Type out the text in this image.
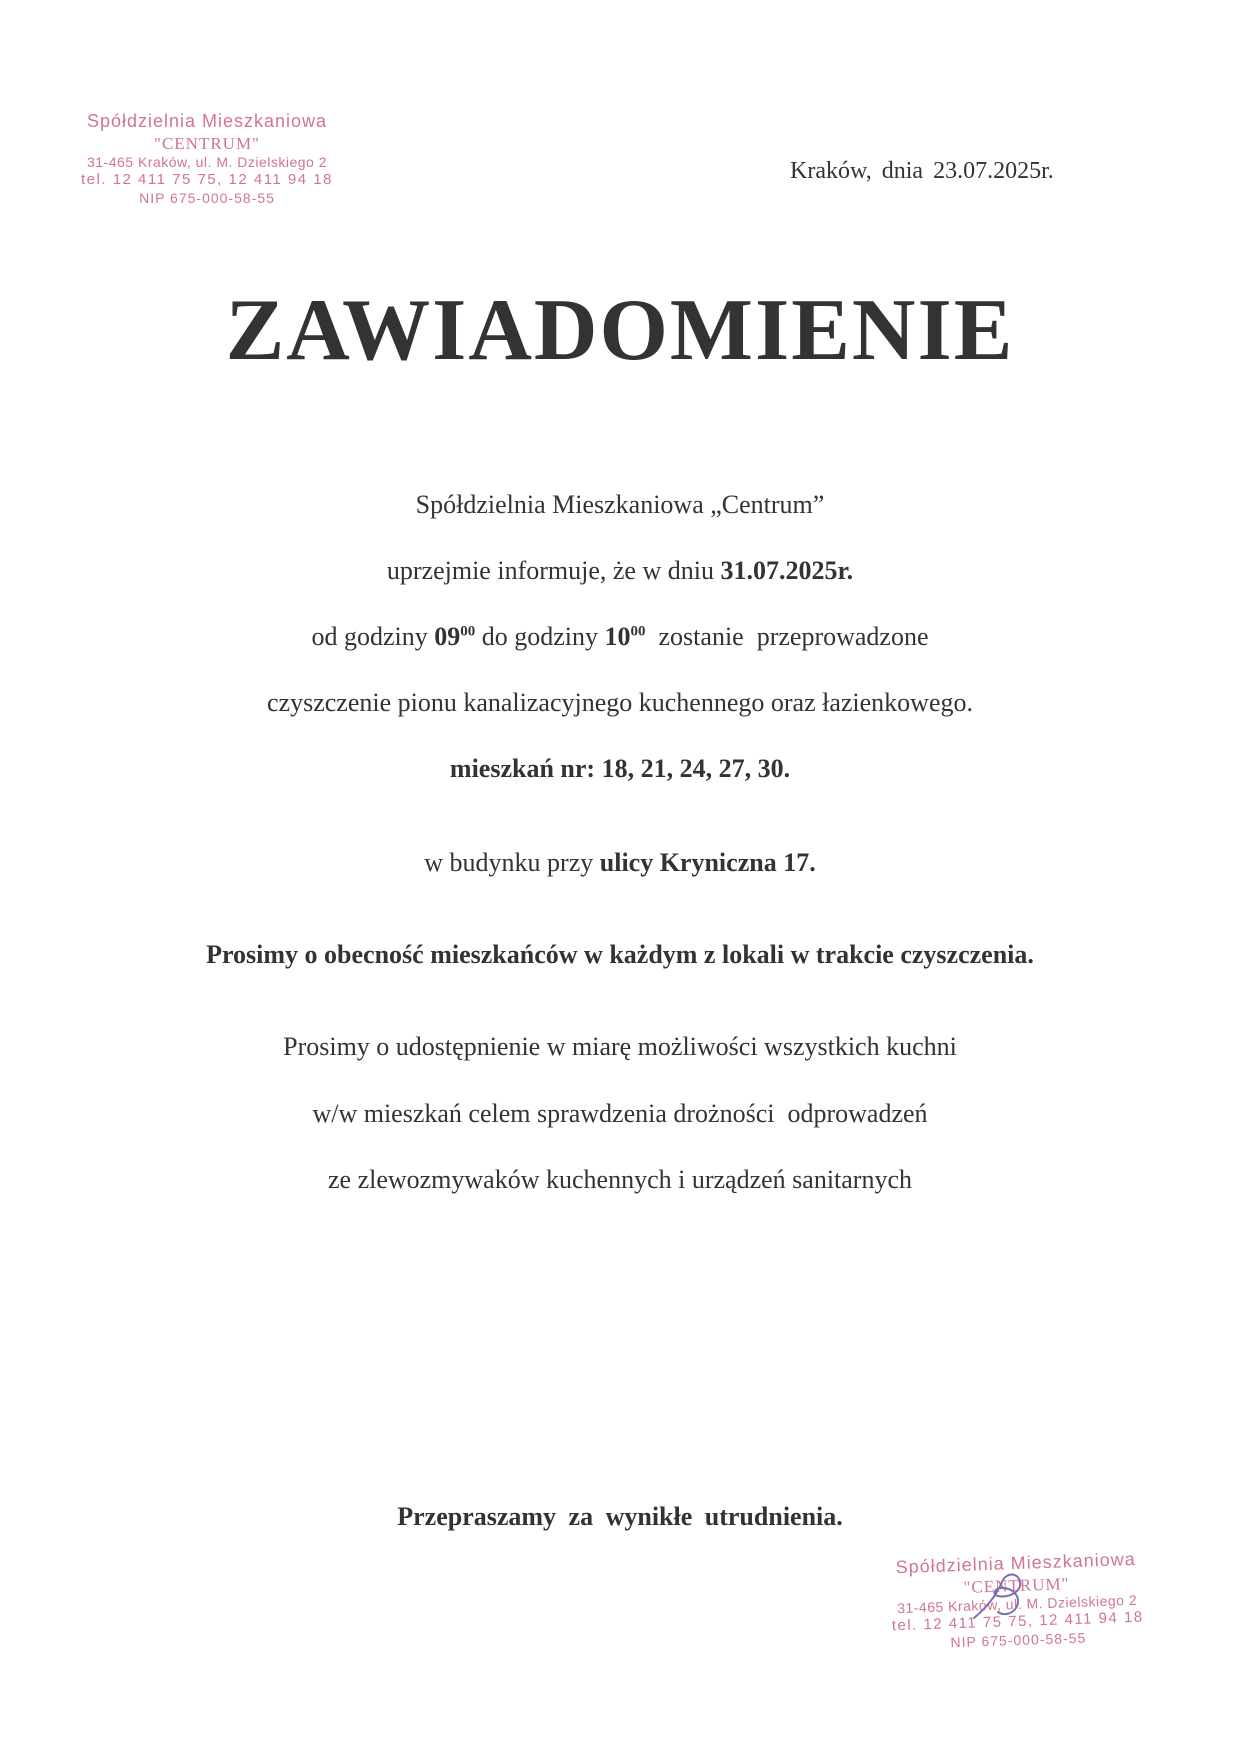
Spółdzielnia Mieszkaniowa
"CENTRUM"
31-465 Kraków, ul. M. Dzielskiego 2
tel. 12 411 75 75, 12 411 94 18
NIP 675-000-58-55
Kraków, dnia 23.07.2025r.
ZAWIADOMIENIE
Spółdzielnia Mieszkaniowa „Centrum”
uprzejmie informuje, że w dniu 31.07.2025r.
od godziny $09^{00}$ do godziny $10^{00}$  zostanie  przeprowadzone
czyszczenie pionu kanalizacyjnego kuchennego oraz łazienkowego.
mieszkań nr: 18, 21, 24, 27, 30.
w budynku przy ulicy Kryniczna 17.
Prosimy o obecność mieszkańców w każdym z lokali w trakcie czyszczenia.
Prosimy o udostępnienie w miarę możliwości wszystkich kuchni
w/w mieszkań celem sprawdzenia drożności  odprowadzeń
ze zlewozmywaków kuchennych i urządzeń sanitarnych
Przepraszamy za wynikłe utrudnienia.
Spółdzielnia Mieszkaniowa
"CENTRUM"
31-465 Kraków, ul. M. Dzielskiego 2
tel. 12 411 75 75, 12 411 94 18
NIP 675-000-58-55
